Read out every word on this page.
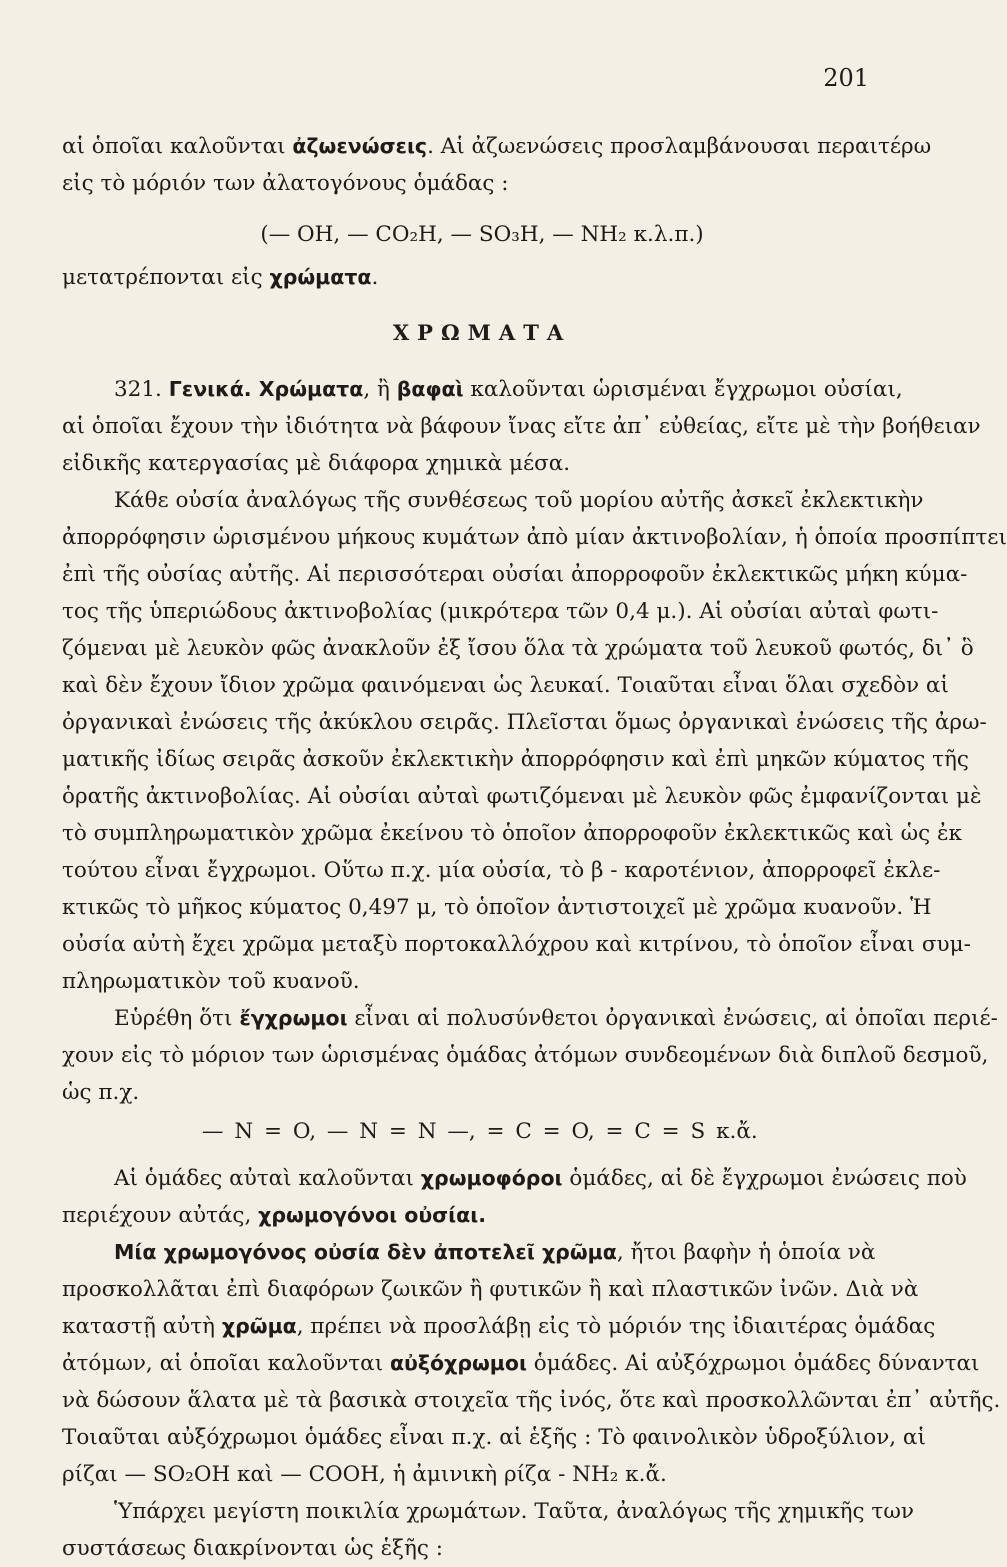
201
αἱ ὁποῖαι καλοῦνται ἀζωενώσεις. Αἱ ἀζωενώσεις προσλαμβάνουσαι περαιτέρω
εἰς τὸ μόριόν των ἀλατογόνους ὁμάδας :
(— OH, — CO₂H, — SO₃H, — NH₂ κ.λ.π.)
μετατρέπονται εἰς χρώματα.
ΧΡΩΜΑΤΑ
321. Γενικά. Χρώματα, ἢ βαφαὶ καλοῦνται ὡρισμέναι ἔγχρωμοι οὐσίαι,
αἱ ὁποῖαι ἔχουν τὴν ἰδιότητα νὰ βάφουν ἴνας εἴτε ἀπ᾽ εὐθείας, εἴτε μὲ τὴν βοήθειαν
εἰδικῆς κατεργασίας μὲ διάφορα χημικὰ μέσα.
Κάθε οὐσία ἀναλόγως τῆς συνθέσεως τοῦ μορίου αὐτῆς ἀσκεῖ ἐκλεκτικὴν
ἀπορρόφησιν ὡρισμένου μήκους κυμάτων ἀπὸ μίαν ἀκτινοβολίαν, ἡ ὁποία προσπίπτει
ἐπὶ τῆς οὐσίας αὐτῆς. Αἱ περισσότεραι οὐσίαι ἀπορροφοῦν ἐκλεκτικῶς μήκη κύμα-
τος τῆς ὑπεριώδους ἀκτινοβολίας (μικρότερα τῶν 0,4 μ.). Αἱ οὐσίαι αὐταὶ φωτι-
ζόμεναι μὲ λευκὸν φῶς ἀνακλοῦν ἐξ ἴσου ὅλα τὰ χρώματα τοῦ λευκοῦ φωτός, δι᾽ ὃ
καὶ δὲν ἔχουν ἴδιον χρῶμα φαινόμεναι ὡς λευκαί. Τοιαῦται εἶναι ὅλαι σχεδὸν αἱ
ὀργανικαὶ ἐνώσεις τῆς ἀκύκλου σειρᾶς. Πλεῖσται ὅμως ὀργανικαὶ ἐνώσεις τῆς ἀρω-
ματικῆς ἰδίως σειρᾶς ἀσκοῦν ἐκλεκτικὴν ἀπορρόφησιν καὶ ἐπὶ μηκῶν κύματος τῆς
ὁρατῆς ἀκτινοβολίας. Αἱ οὐσίαι αὐταὶ φωτιζόμεναι μὲ λευκὸν φῶς ἐμφανίζονται μὲ
τὸ συμπληρωματικὸν χρῶμα ἐκείνου τὸ ὁποῖον ἀπορροφοῦν ἐκλεκτικῶς καὶ ὡς ἐκ
τούτου εἶναι ἔγχρωμοι. Οὕτω π.χ. μία οὐσία, τὸ β - καροτένιον, ἀπορροφεῖ ἐκλε-
κτικῶς τὸ μῆκος κύματος 0,497 μ, τὸ ὁποῖον ἀντιστοιχεῖ μὲ χρῶμα κυανοῦν. Ἡ
οὐσία αὐτὴ ἔχει χρῶμα μεταξὺ πορτοκαλλόχρου καὶ κιτρίνου, τὸ ὁποῖον εἶναι συμ-
πληρωματικὸν τοῦ κυανοῦ.
Εὑρέθη ὅτι ἔγχρωμοι εἶναι αἱ πολυσύνθετοι ὀργανικαὶ ἐνώσεις, αἱ ὁποῖαι περιέ-
χουν εἰς τὸ μόριον των ὡρισμένας ὁμάδας ἀτόμων συνδεομένων διὰ διπλοῦ δεσμοῦ,
ὡς π.χ.
— N = O, — N = N —, = C = O, = C = S κ.ἄ.
Αἱ ὁμάδες αὐταὶ καλοῦνται χρωμοφόροι ὁμάδες, αἱ δὲ ἔγχρωμοι ἐνώσεις ποὺ
περιέχουν αὐτάς, χρωμογόνοι οὐσίαι.
Μία χρωμογόνος οὐσία δὲν ἀποτελεῖ χρῶμα, ἤτοι βαφὴν ἡ ὁποία νὰ
προσκολλᾶται ἐπὶ διαφόρων ζωικῶν ἢ φυτικῶν ἢ καὶ πλαστικῶν ἰνῶν. Διὰ νὰ
καταστῇ αὐτὴ χρῶμα, πρέπει νὰ προσλάβῃ εἰς τὸ μόριόν της ἰδιαιτέρας ὁμάδας
ἀτόμων, αἱ ὁποῖαι καλοῦνται αὐξόχρωμοι ὁμάδες. Αἱ αὐξόχρωμοι ὁμάδες δύνανται
νὰ δώσουν ἅλατα μὲ τὰ βασικὰ στοιχεῖα τῆς ἰνός, ὅτε καὶ προσκολλῶνται ἐπ᾽ αὐτῆς.
Τοιαῦται αὐξόχρωμοι ὁμάδες εἶναι π.χ. αἱ ἑξῆς : Τὸ φαινολικὸν ὑδροξύλιον, αἱ
ρίζαι — SO₂OH καὶ — COOH, ἡ ἀμινικὴ ρίζα - NH₂ κ.ἄ.
Ὑπάρχει μεγίστη ποικιλία χρωμάτων. Ταῦτα, ἀναλόγως τῆς χημικῆς των
συστάσεως διακρίνονται ὡς ἑξῆς :
